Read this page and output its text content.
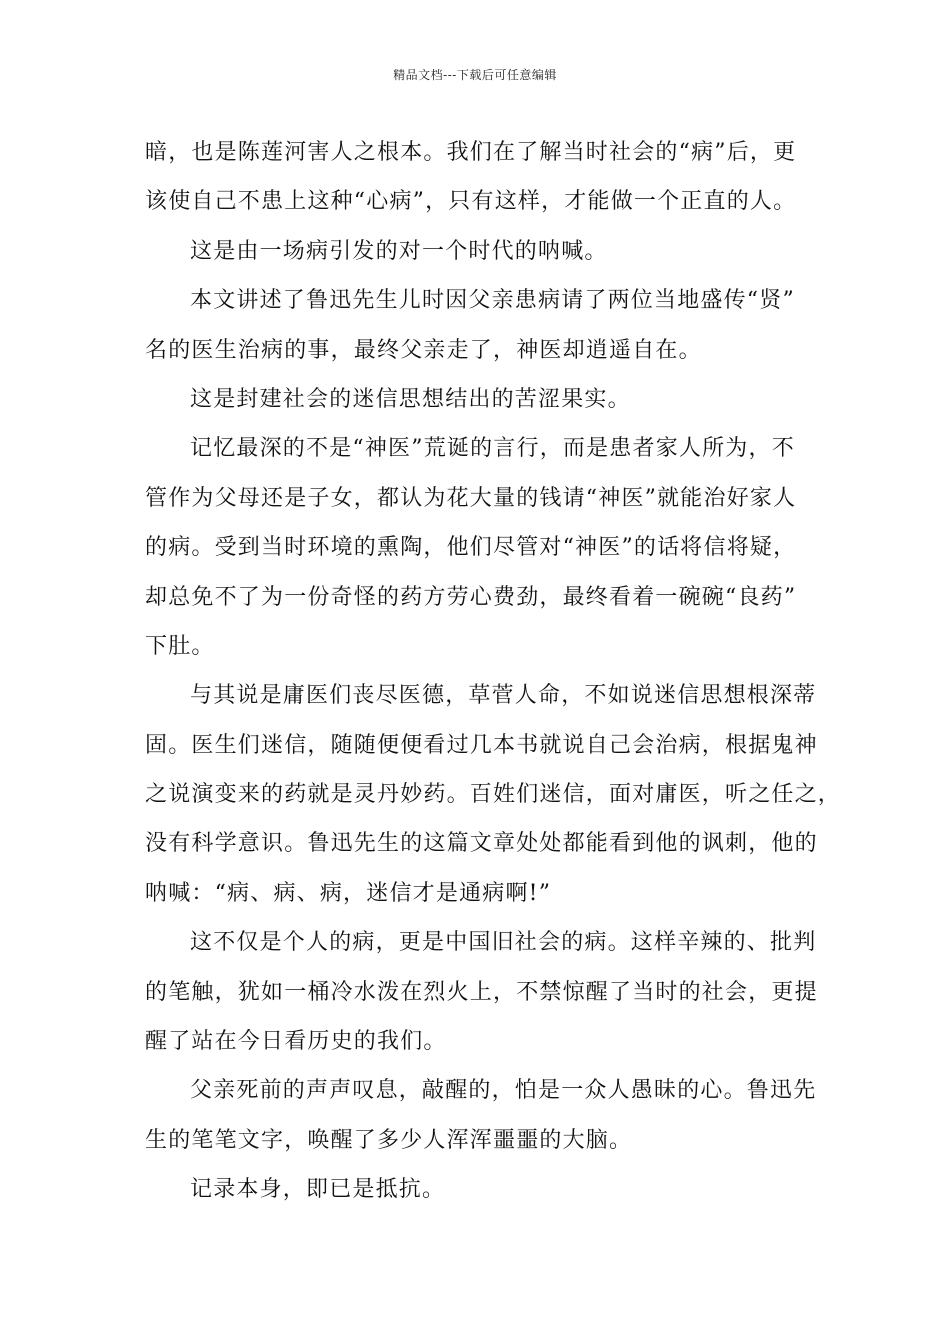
精品文档---下载后可任意编辑
暗，也是陈莲河害人之根本。我们在了解当时社会的“病”后，更
该使自己不患上这种“心病”，只有这样，才能做一个正直的人。
这是由一场病引发的对一个时代的呐喊。
本文讲述了鲁迅先生儿时因父亲患病请了两位当地盛传“贤”
名的医生治病的事，最终父亲走了，神医却逍遥自在。
这是封建社会的迷信思想结出的苦涩果实。
记忆最深的不是“神医”荒诞的言行，而是患者家人所为，不
管作为父母还是子女，都认为花大量的钱请“神医”就能治好家人
的病。受到当时环境的熏陶，他们尽管对“神医”的话将信将疑，
却总免不了为一份奇怪的药方劳心费劲，最终看着一碗碗“良药”
下肚。
与其说是庸医们丧尽医德，草菅人命，不如说迷信思想根深蒂
固。医生们迷信，随随便便看过几本书就说自己会治病，根据鬼神
之说演变来的药就是灵丹妙药。百姓们迷信，面对庸医，听之任之，
没有科学意识。鲁迅先生的这篇文章处处都能看到他的讽刺，他的
呐喊：“病、病、病，迷信才是通病啊!”
这不仅是个人的病，更是中国旧社会的病。这样辛辣的、批判
的笔触，犹如一桶冷水泼在烈火上，不禁惊醒了当时的社会，更提
醒了站在今日看历史的我们。
父亲死前的声声叹息，敲醒的，怕是一众人愚昧的心。鲁迅先
生的笔笔文字，唤醒了多少人浑浑噩噩的大脑。
记录本身，即已是抵抗。
